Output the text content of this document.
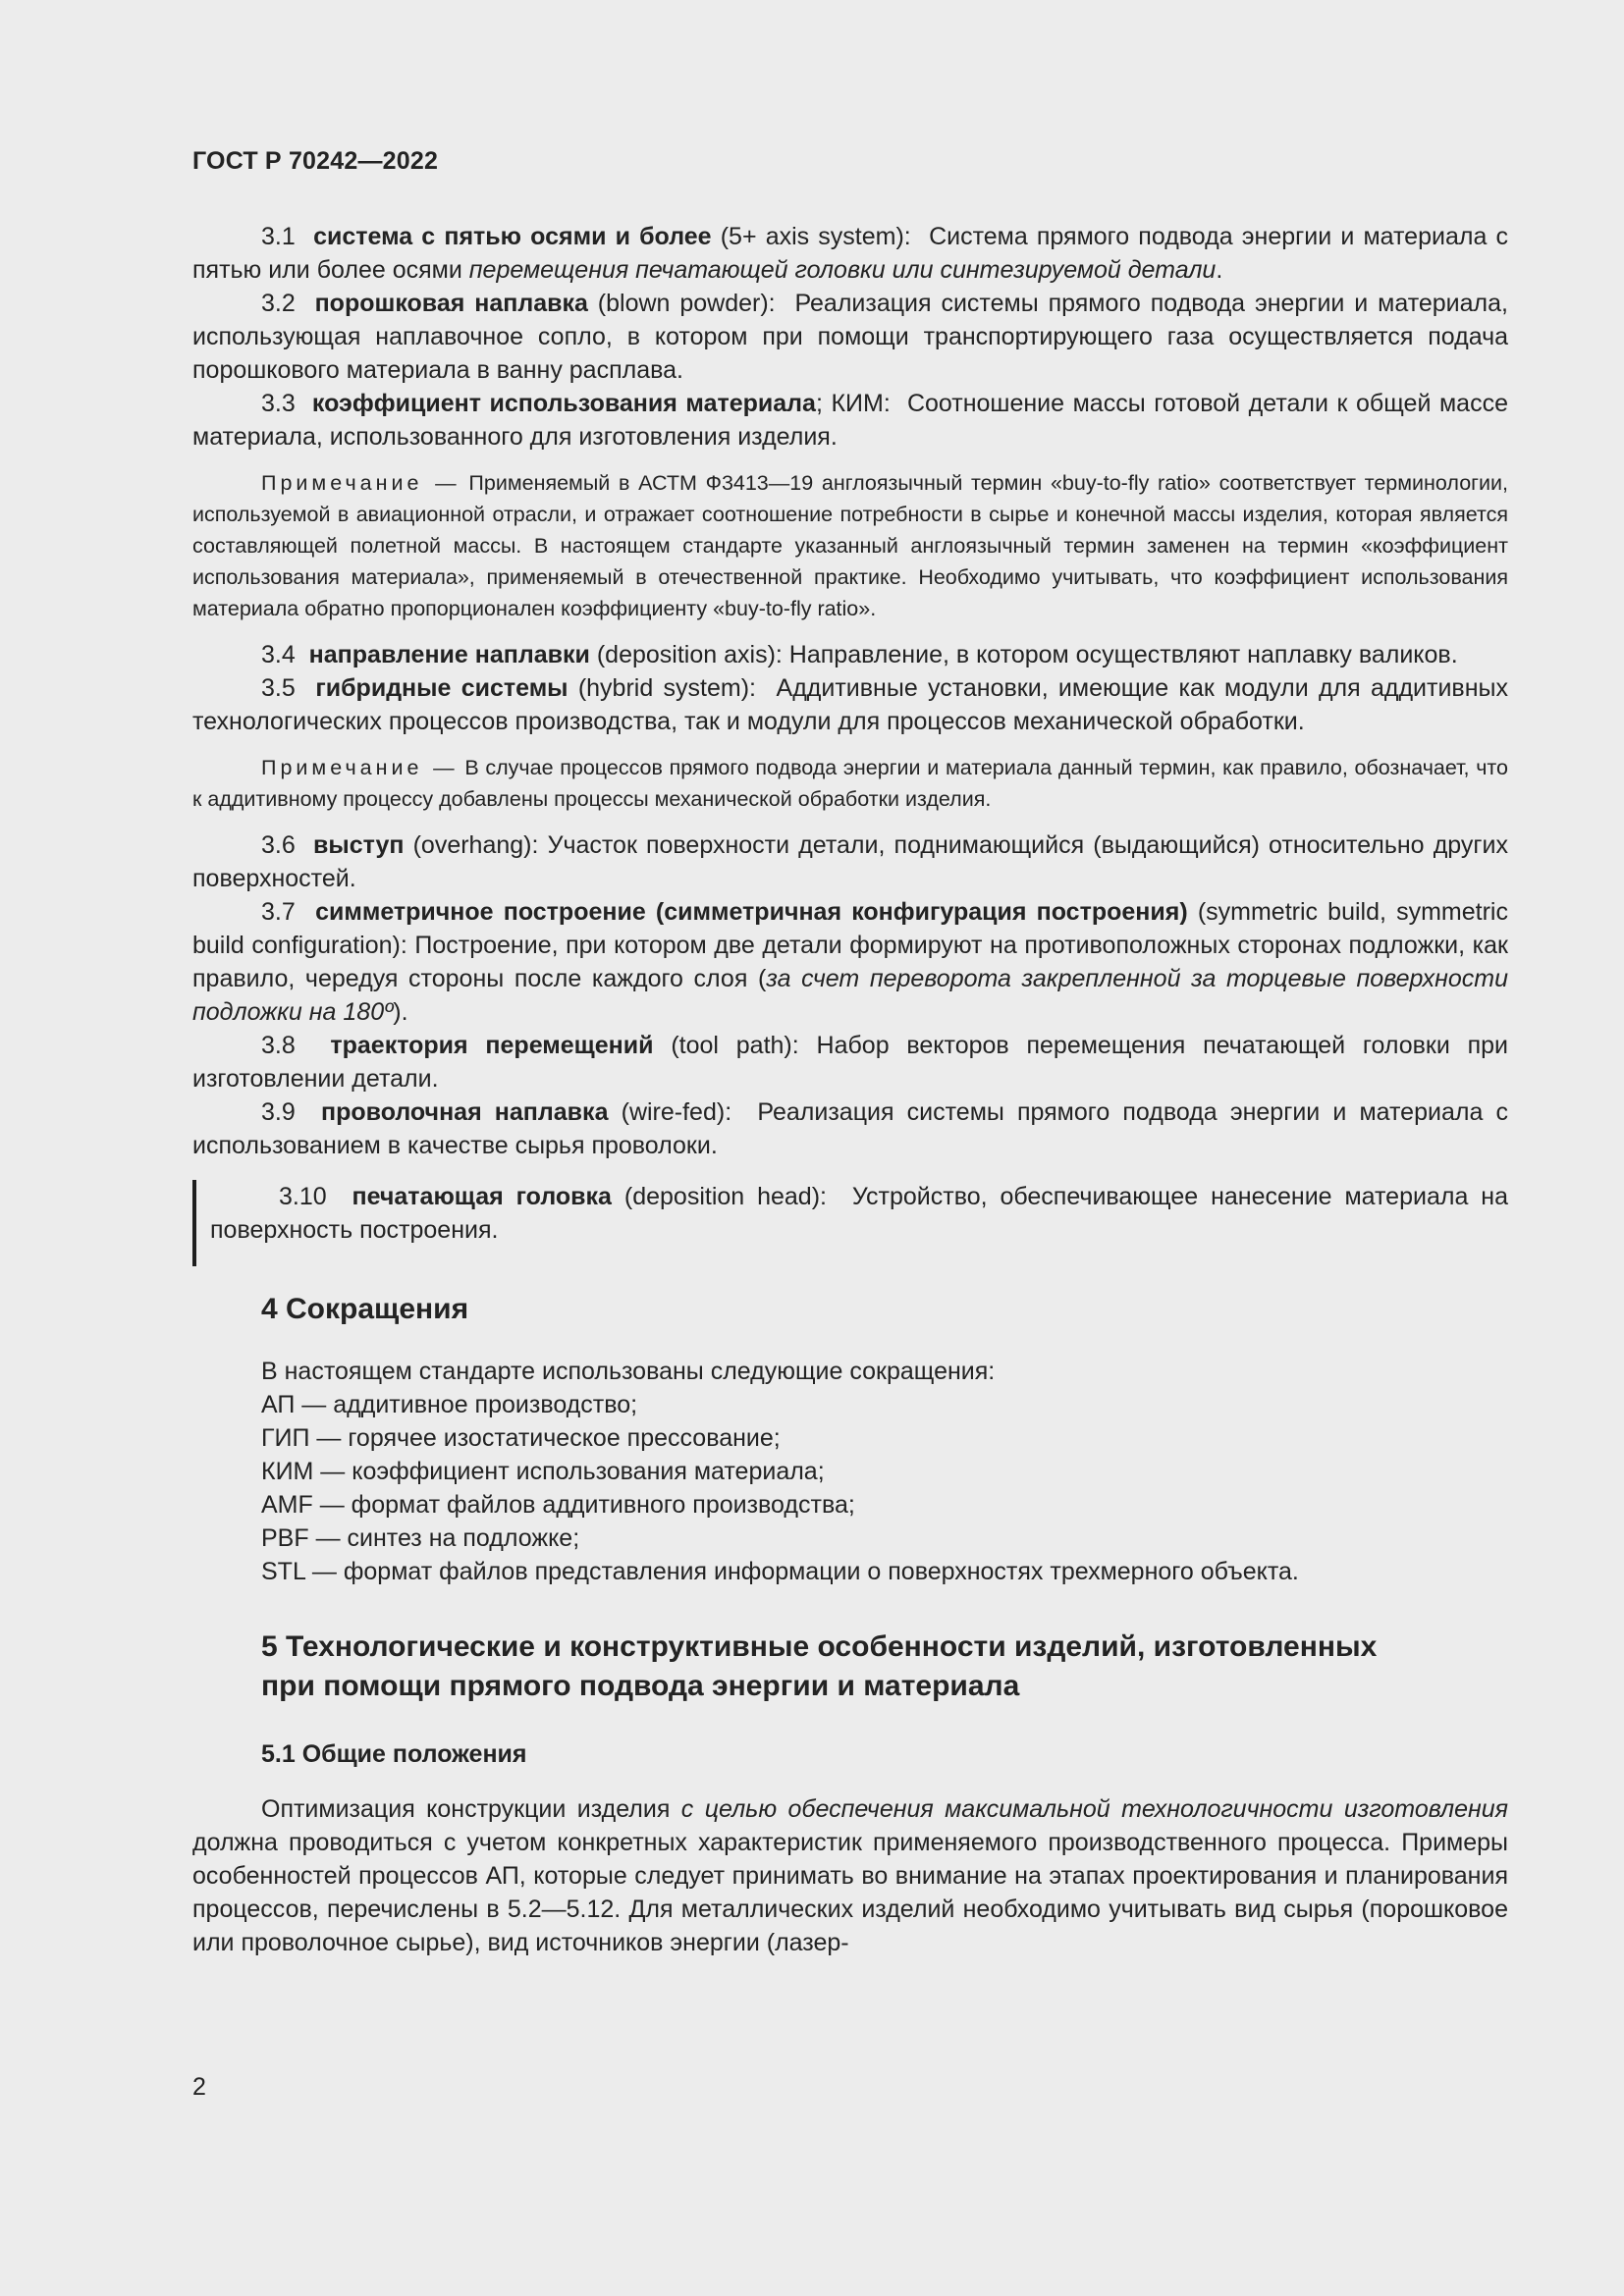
ГОСТ Р 70242—2022

3.1 система с пятью осями и более (5+ axis system): Система прямого подвода энергии и материала с пятью или более осями перемещения печатающей головки или синтезируемой детали.

3.2 порошковая наплавка (blown powder): Реализация системы прямого подвода энергии и материала, использующая наплавочное сопло, в котором при помощи транспортирующего газа осуществляется подача порошкового материала в ванну расплава.

3.3 коэффициент использования материала; КИМ: Соотношение массы готовой детали к общей массе материала, использованного для изготовления изделия.

Примечание — Применяемый в АСТМ Ф3413—19 англоязычный термин «buy-to-fly ratio» соответствует терминологии, используемой в авиационной отрасли, и отражает соотношение потребности в сырье и конечной массы изделия, которая является составляющей полетной массы. В настоящем стандарте указанный англоязычный термин заменен на термин «коэффициент использования материала», применяемый в отечественной практике. Необходимо учитывать, что коэффициент использования материала обратно пропорционален коэффициенту «buy-to-fly ratio».

3.4 направление наплавки (deposition axis): Направление, в котором осуществляют наплавку валиков.

3.5 гибридные системы (hybrid system): Аддитивные установки, имеющие как модули для аддитивных технологических процессов производства, так и модули для процессов механической обработки.

Примечание — В случае процессов прямого подвода энергии и материала данный термин, как правило, обозначает, что к аддитивному процессу добавлены процессы механической обработки изделия.

3.6 выступ (overhang): Участок поверхности детали, поднимающийся (выдающийся) относительно других поверхностей.

3.7 симметричное построение (симметричная конфигурация построения) (symmetric build, symmetric build configuration): Построение, при котором две детали формируют на противоположных сторонах подложки, как правило, чередуя стороны после каждого слоя (за счет переворота закрепленной за торцевые поверхности подложки на 180º).

3.8 траектория перемещений (tool path): Набор векторов перемещения печатающей головки при изготовлении детали.

3.9 проволочная наплавка (wire-fed): Реализация системы прямого подвода энергии и материала с использованием в качестве сырья проволоки.

3.10 печатающая головка (deposition head): Устройство, обеспечивающее нанесение материала на поверхность построения.

4 Сокращения

В настоящем стандарте использованы следующие сокращения:

АП — аддитивное производство;

ГИП — горячее изостатическое прессование;

КИМ — коэффициент использования материала;

AMF — формат файлов аддитивного производства;

PBF — синтез на подложке;

STL — формат файлов представления информации о поверхностях трехмерного объекта.

5 Технологические и конструктивные особенности изделий, изготовленных

при помощи прямого подвода энергии и материала

5.1 Общие положения

Оптимизация конструкции изделия с целью обеспечения максимальной технологичности изготовления должна проводиться с учетом конкретных характеристик применяемого производственного процесса. Примеры особенностей процессов АП, которые следует принимать во внимание на этапах проектирования и планирования процессов, перечислены в 5.2—5.12. Для металлических изделий необходимо учитывать вид сырья (порошковое или проволочное сырье), вид источников энергии (лазер-

2
